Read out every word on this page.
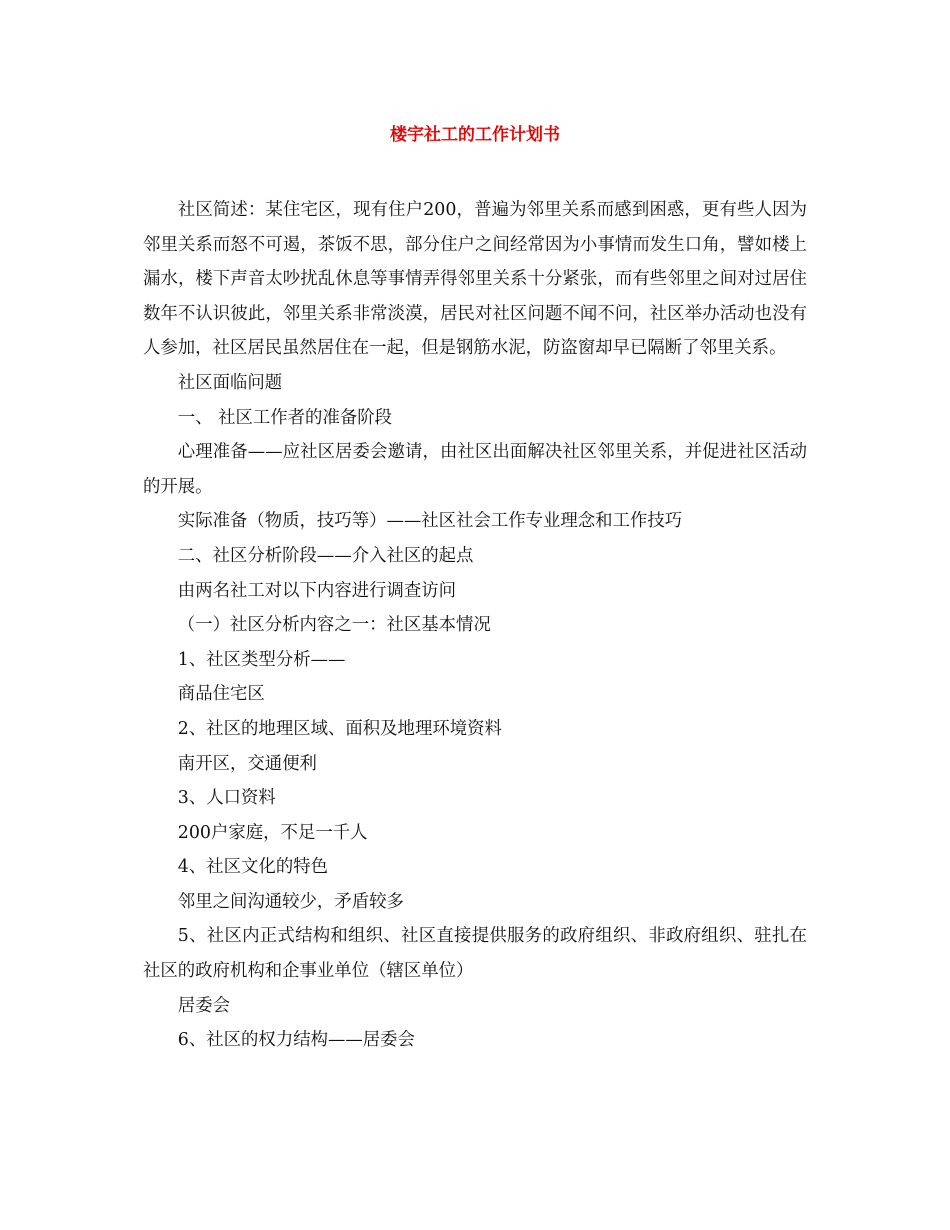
楼宇社工的工作计划书

社区简述：某住宅区，现有住户200，普遍为邻里关系而感到困惑，更有些人因为邻里关系而怒不可遏，茶饭不思，部分住户之间经常因为小事情而发生口角，譬如楼上漏水，楼下声音太吵扰乱休息等事情弄得邻里关系十分紧张，而有些邻里之间对过居住数年不认识彼此，邻里关系非常淡漠，居民对社区问题不闻不问，社区举办活动也没有人参加，社区居民虽然居住在一起，但是钢筋水泥，防盗窗却早已隔断了邻里关系。

社区面临问题

一、 社区工作者的准备阶段

心理准备——应社区居委会邀请，由社区出面解决社区邻里关系，并促进社区活动的开展。

实际准备（物质，技巧等）——社区社会工作专业理念和工作技巧

二、社区分析阶段——介入社区的起点

由两名社工对以下内容进行调查访问

（一）社区分析内容之一：社区基本情况

1、社区类型分析——

商品住宅区

2、社区的地理区域、面积及地理环境资料

南开区，交通便利

3、人口资料

200户家庭，不足一千人

4、社区文化的特色

邻里之间沟通较少，矛盾较多

5、社区内正式结构和组织、社区直接提供服务的政府组织、非政府组织、驻扎在社区的政府机构和企事业单位（辖区单位）

居委会

6、社区的权力结构——居委会
